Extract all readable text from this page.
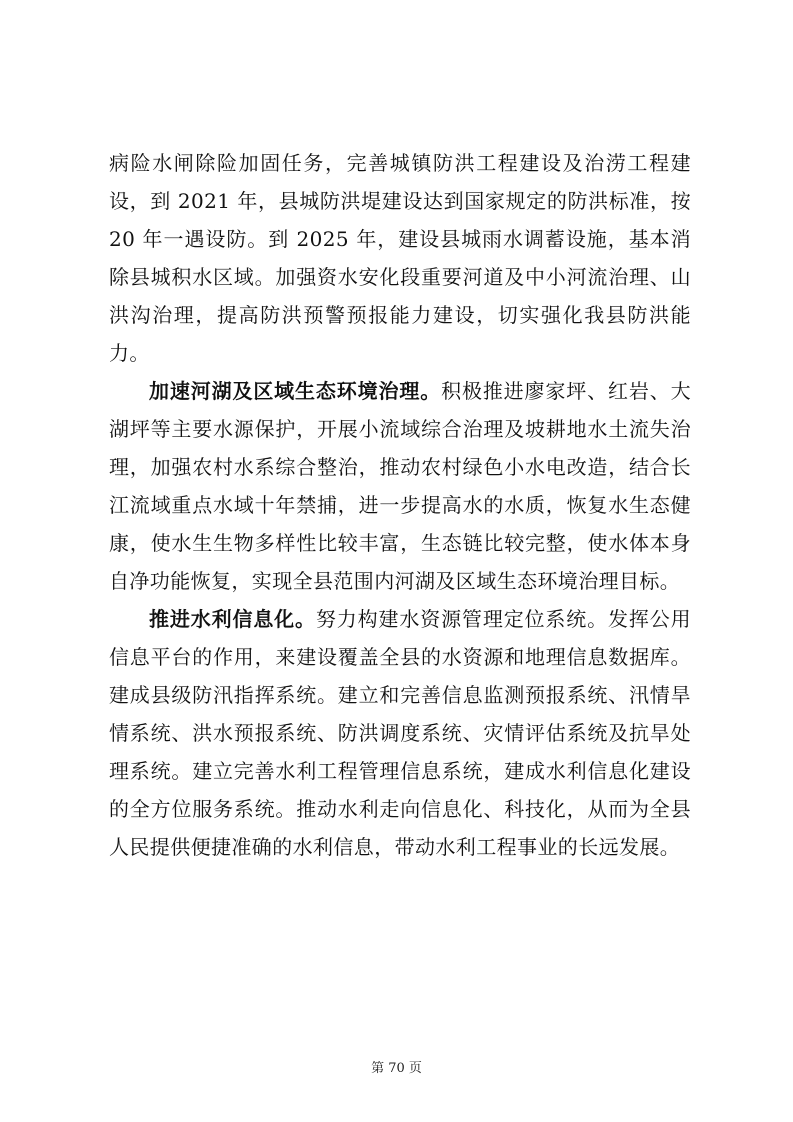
病险水闸除险加固任务，完善城镇防洪工程建设及治涝工程建设，到 2021 年，县城防洪堤建设达到国家规定的防洪标准，按 20 年一遇设防。到 2025 年，建设县城雨水调蓄设施，基本消除县城积水区域。加强资水安化段重要河道及中小河流治理、山洪沟治理，提高防洪预警预报能力建设，切实强化我县防洪能力。

加速河湖及区域生态环境治理。积极推进廖家坪、红岩、大湖坪等主要水源保护，开展小流域综合治理及坡耕地水土流失治理，加强农村水系综合整治，推动农村绿色小水电改造，结合长江流域重点水域十年禁捕，进一步提高水的水质，恢复水生态健康，使水生生物多样性比较丰富，生态链比较完整，使水体本身自净功能恢复，实现全县范围内河湖及区域生态环境治理目标。

推进水利信息化。努力构建水资源管理定位系统。发挥公用信息平台的作用，来建设覆盖全县的水资源和地理信息数据库。建成县级防汛指挥系统。建立和完善信息监测预报系统、汛情旱情系统、洪水预报系统、防洪调度系统、灾情评估系统及抗旱处理系统。建立完善水利工程管理信息系统，建成水利信息化建设的全方位服务系统。推动水利走向信息化、科技化，从而为全县人民提供便捷准确的水利信息，带动水利工程事业的长远发展。

第 70 页
